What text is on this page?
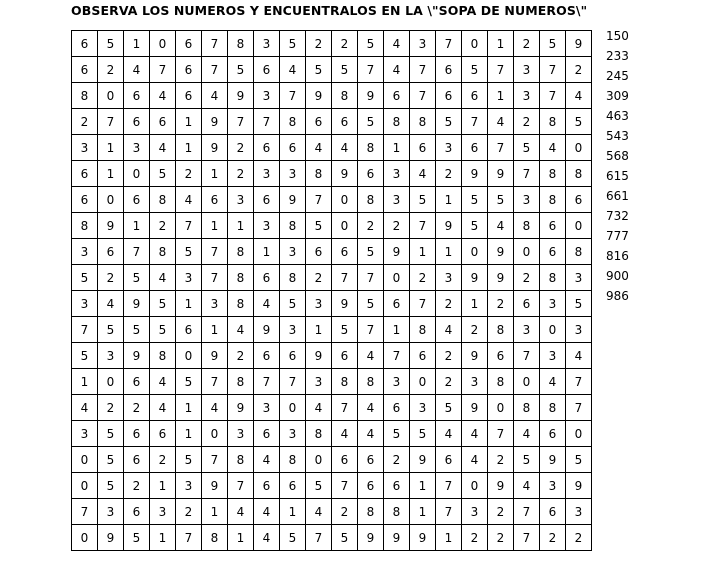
OBSERVA LOS NUMEROS Y ENCUENTRALOS EN LA \"SOPA DE NUMEROS\"
6	5	1	0	6	7	8	3	5	2	2	5	4	3	7	0	1	2	5	9
6	2	4	7	6	7	5	6	4	5	5	7	4	7	6	5	7	3	7	2
8	0	6	4	6	4	9	3	7	9	8	9	6	7	6	6	1	3	7	4
2	7	6	6	1	9	7	7	8	6	6	5	8	8	5	7	4	2	8	5
3	1	3	4	1	9	2	6	6	4	4	8	1	6	3	6	7	5	4	0
6	1	0	5	2	1	2	3	3	8	9	6	3	4	2	9	9	7	8	8
6	0	6	8	4	6	3	6	9	7	0	8	3	5	1	5	5	3	8	6
8	9	1	2	7	1	1	3	8	5	0	2	2	7	9	5	4	8	6	0
3	6	7	8	5	7	8	1	3	6	6	5	9	1	1	0	9	0	6	8
5	2	5	4	3	7	8	6	8	2	7	7	0	2	3	9	9	2	8	3
3	4	9	5	1	3	8	4	5	3	9	5	6	7	2	1	2	6	3	5
7	5	5	5	6	1	4	9	3	1	5	7	1	8	4	2	8	3	0	3
5	3	9	8	0	9	2	6	6	9	6	4	7	6	2	9	6	7	3	4
1	0	6	4	5	7	8	7	7	3	8	8	3	0	2	3	8	0	4	7
4	2	2	4	1	4	9	3	0	4	7	4	6	3	5	9	0	8	8	7
3	5	6	6	1	0	3	6	3	8	4	4	5	5	4	4	7	4	6	0
0	5	6	2	5	7	8	4	8	0	6	6	2	9	6	4	2	5	9	5
0	5	2	1	3	9	7	6	6	5	7	6	6	1	7	0	9	4	3	9
7	3	6	3	2	1	4	4	1	4	2	8	8	1	7	3	2	7	6	3
0	9	5	1	7	8	1	4	5	7	5	9	9	9	1	2	2	7	2	2
150
233
245
309
463
543
568
615
661
732
777
816
900
986
